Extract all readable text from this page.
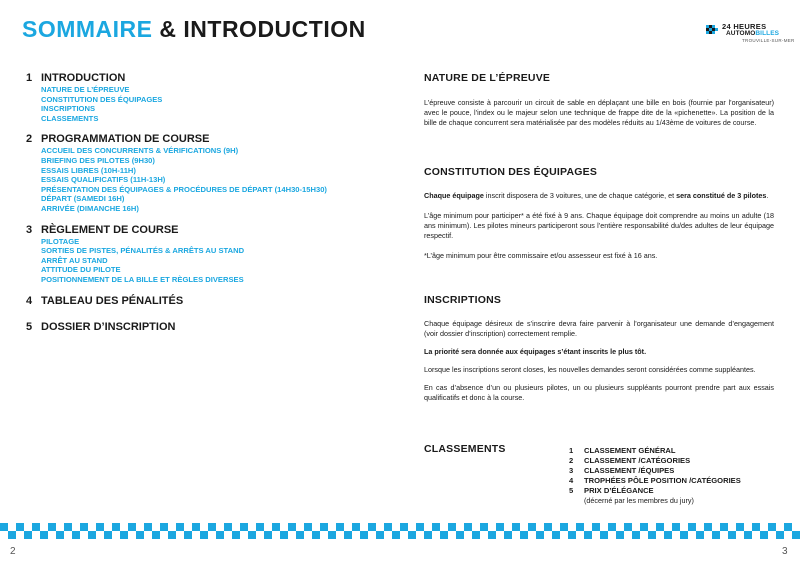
SOMMAIRE & INTRODUCTION	24 HEURES
AUTOMOBILLES
TROUVILLE-SUR-MER
1 INTRODUCTION
NATURE DE L’ÉPREUVE
CONSTITUTION DES ÉQUIPAGES
INSCRIPTIONS
CLASSEMENTS
2 PROGRAMMATION DE COURSE
ACCUEIL DES CONCURRENTS & VÉRIFICATIONS (9H)
BRIEFING DES PILOTES (9H30)
ESSAIS LIBRES (10H-11H)
ESSAIS QUALIFICATIFS (11H-13H)
PRÉSENTATION DES ÉQUIPAGES & PROCÉDURES DE DÉPART (14H30-15H30)
DÉPART (SAMEDI 16H)
ARRIVÉE (DIMANCHE 16H)
3 RÈGLEMENT DE COURSE
PILOTAGE
SORTIES DE PISTES, PÉNALITÉS & ARRÊTS AU STAND
ARRÊT AU STAND
ATTITUDE DU PILOTE
POSITIONNEMENT DE LA BILLE ET RÈGLES DIVERSES
4 TABLEAU DES PÉNALITÉS
5 DOSSIER D’INSCRIPTION
NATURE DE L’ÉPREUVE
L’épreuve consiste à parcourir un circuit de sable en déplaçant une bille en bois (fournie par l’organisateur) avec le pouce, l’index ou le majeur selon une technique de frappe dite de la «pichenette». La position de la bille de chaque concurrent sera matérialisée par des modèles réduits au 1/43ème de voitures de course.
CONSTITUTION DES ÉQUIPAGES
Chaque équipage inscrit disposera de 3 voitures, une de chaque catégorie, et sera constitué de 3 pilotes.
L’âge minimum pour participer* a été fixé à 9 ans. Chaque équipage doit comprendre au moins un adulte (18 ans minimum). Les pilotes mineurs participeront sous l’entière responsabilité du/des adultes de leur équipage respectif.
*L’âge minimum pour être commissaire et/ou assesseur est fixé à 16 ans.
INSCRIPTIONS
Chaque équipage désireux de s’inscrire devra faire parvenir à l’organisateur une demande d’engagement (voir dossier d’inscription) correctement remplie.
La priorité sera donnée aux équipages s’étant inscrits le plus tôt.
Lorsque les inscriptions seront closes, les nouvelles demandes seront considérées comme suppléantes.
En cas d’absence d’un ou plusieurs pilotes, un ou plusieurs suppléants pourront prendre part aux essais qualificatifs et donc à la course.
CLASSEMENTS	1	CLASSEMENT GÉNÉRAL
2	CLASSEMENT /CATÉGORIES
3	CLASSEMENT /ÉQUIPES
4	TROPHÉES PÔLE POSITION /CATÉGORIES
5	PRIX D’ÉLÉGANCE
(décerné par les membres du jury)
2	3
